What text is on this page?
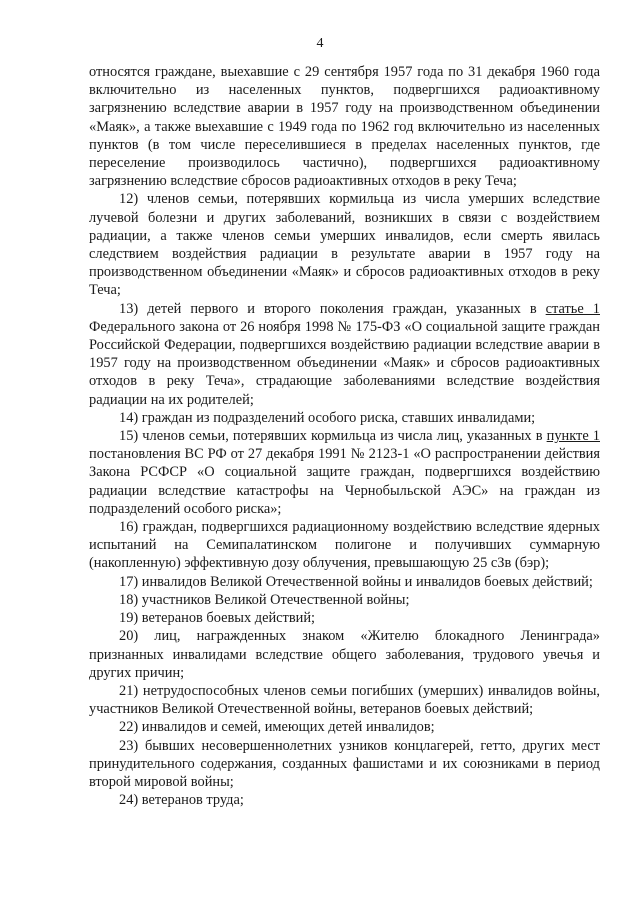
4

относятся граждане, выехавшие с 29 сентября 1957 года по 31 декабря 1960 года включительно из населенных пунктов, подвергшихся радиоактивному загрязнению вследствие аварии в 1957 году на производственном объединении «Маяк», а также выехавшие с 1949 года по 1962 год включительно из населенных пунктов (в том числе переселившиеся в пределах населенных пунктов, где переселение производилось частично), подвергшихся радиоактивному загрязнению вследствие сбросов радиоактивных отходов в реку Теча;

12) членов семьи, потерявших кормильца из числа умерших вследствие лучевой болезни и других заболеваний, возникших в связи с воздействием радиации, а также членов семьи умерших инвалидов, если смерть явилась следствием воздействия радиации в результате аварии в 1957 году на производственном объединении «Маяк» и сбросов радиоактивных отходов в реку Теча;

13) детей первого и второго поколения граждан, указанных в статье 1 Федерального закона от 26 ноября 1998 № 175-ФЗ «О социальной защите граждан Российской Федерации, подвергшихся воздействию радиации вследствие аварии в 1957 году на производственном объединении «Маяк» и сбросов радиоактивных отходов в реку Теча», страдающие заболеваниями вследствие воздействия радиации на их родителей;

14) граждан из подразделений особого риска, ставших инвалидами;

15) членов семьи, потерявших кормильца из числа лиц, указанных в пункте 1 постановления ВС РФ от 27 декабря 1991 № 2123-1 «О распространении действия Закона РСФСР «О социальной защите граждан, подвергшихся воздействию радиации вследствие катастрофы на Чернобыльской АЭС» на граждан из подразделений особого риска»;

16) граждан, подвергшихся радиационному воздействию вследствие ядерных испытаний на Семипалатинском полигоне и получивших суммарную (накопленную) эффективную дозу облучения, превышающую 25 сЗв (бэр);

17) инвалидов Великой Отечественной войны и инвалидов боевых действий;

18) участников Великой Отечественной войны;

19) ветеранов боевых действий;

20) лиц, награжденных знаком «Жителю блокадного Ленинграда» признанных инвалидами вследствие общего заболевания, трудового увечья и других причин;

21) нетрудоспособных членов семьи погибших (умерших) инвалидов войны, участников Великой Отечественной войны, ветеранов боевых действий;

22) инвалидов и семей, имеющих детей инвалидов;

23) бывших несовершеннолетних узников концлагерей, гетто, других мест принудительного содержания, созданных фашистами и их союзниками в период второй мировой войны;

24) ветеранов труда;
